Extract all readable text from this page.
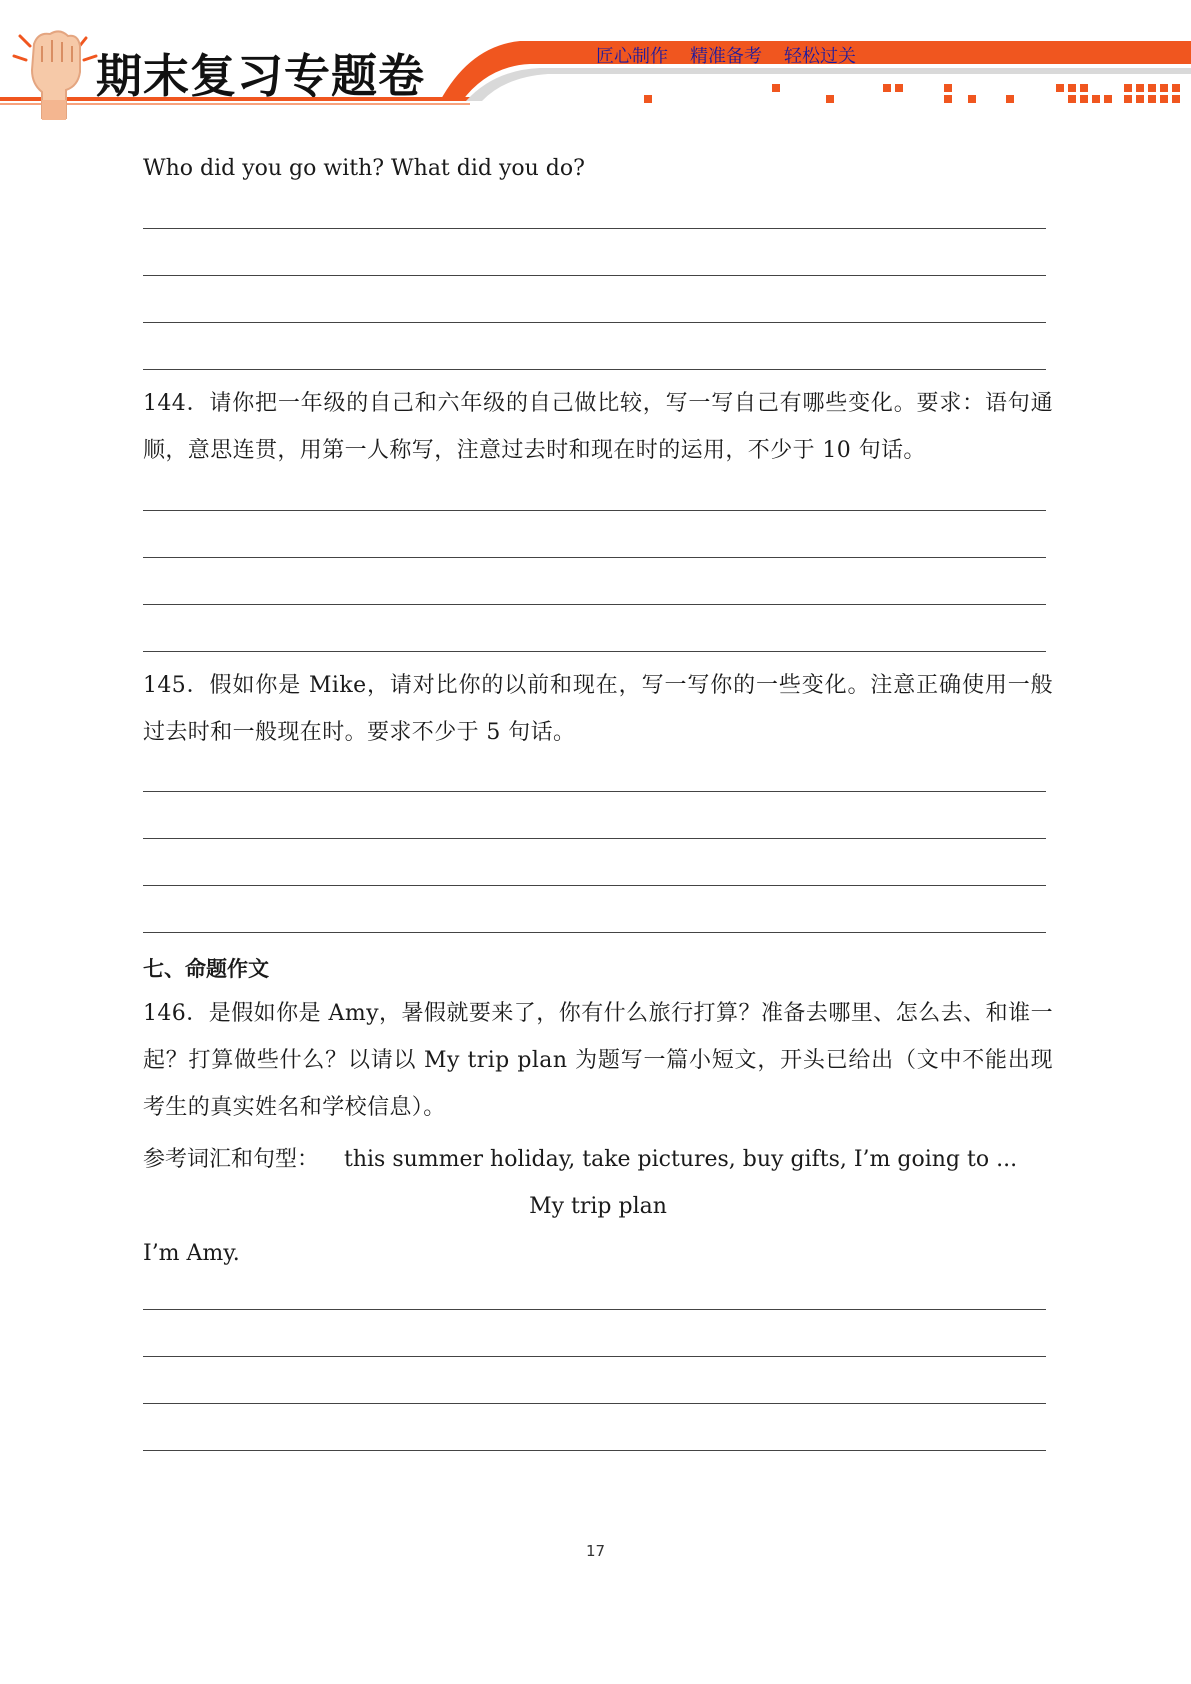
期末复习专题卷	匠心制作 精准备考 轻松过关
Who did you go with? What did you do?
144．请你把一年级的自己和六年级的自己做比较，写一写自己有哪些变化。要求：语句通顺，意思连贯，用第一人称写，注意过去时和现在时的运用，不少于 10 句话。
145．假如你是 Mike，请对比你的以前和现在，写一写你的一些变化。注意正确使用一般过去时和一般现在时。要求不少于 5 句话。
七、命题作文
146．是假如你是 Amy，暑假就要来了，你有什么旅行打算？准备去哪里、怎么去、和谁一起？打算做些什么？以请以 My trip plan 为题写一篇小短文，开头已给出（文中不能出现考生的真实姓名和学校信息）。
参考词汇和句型： this summer holiday, take pictures, buy gifts, I’m going to ...
My trip plan
I’m Amy.
17
